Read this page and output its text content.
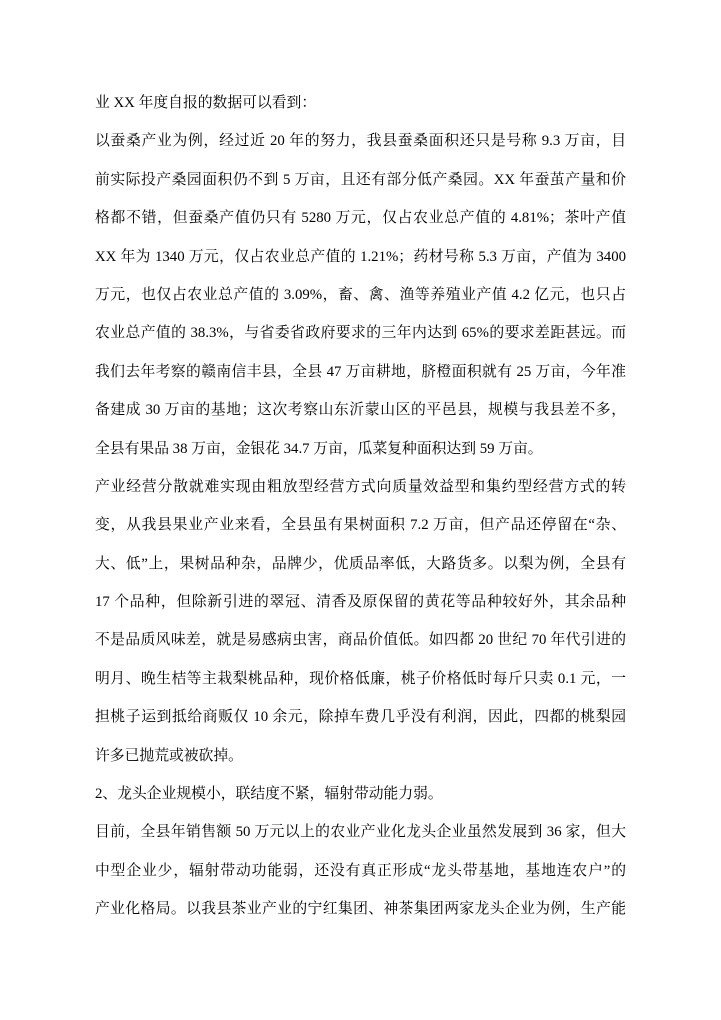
业 XX 年度自报的数据可以看到：
以蚕桑产业为例，经过近 20 年的努力，我县蚕桑面积还只是号称 9.3 万亩，目
前实际投产桑园面积仍不到 5 万亩，且还有部分低产桑园。XX 年蚕茧产量和价
格都不错，但蚕桑产值仍只有 5280 万元，仅占农业总产值的 4.81%；茶叶产值
XX 年为 1340 万元，仅占农业总产值的 1.21%；药材号称 5.3 万亩，产值为 3400
万元，也仅占农业总产值的 3.09%，畜、禽、渔等养殖业产值 4.2 亿元，也只占
农业总产值的 38.3%，与省委省政府要求的三年内达到 65%的要求差距甚远。而
我们去年考察的赣南信丰县，全县 47 万亩耕地，脐橙面积就有 25 万亩，今年准
备建成 30 万亩的基地；这次考察山东沂蒙山区的平邑县，规模与我县差不多，
全县有果品 38 万亩，金银花 34.7 万亩，瓜菜复种面积达到 59 万亩。
产业经营分散就难实现由粗放型经营方式向质量效益型和集约型经营方式的转
变，从我县果业产业来看，全县虽有果树面积 7.2 万亩，但产品还停留在“杂、
大、低”上，果树品种杂，品牌少，优质品率低，大路货多。以梨为例，全县有
17 个品种，但除新引进的翠冠、清香及原保留的黄花等品种较好外，其余品种
不是品质风味差，就是易感病虫害，商品价值低。如四都 20 世纪 70 年代引进的
明月、晚生桔等主栽梨桃品种，现价格低廉，桃子价格低时每斤只卖 0.1 元，一
担桃子运到抵给商贩仅 10 余元，除掉车费几乎没有利润，因此，四都的桃梨园
许多已抛荒或被砍掉。
2、龙头企业规模小，联结度不紧，辐射带动能力弱。
目前，全县年销售额 50 万元以上的农业产业化龙头企业虽然发展到 36 家，但大
中型企业少，辐射带动功能弱，还没有真正形成“龙头带基地，基地连农户”的
产业化格局。以我县茶业产业的宁红集团、神茶集团两家龙头企业为例，生产能
